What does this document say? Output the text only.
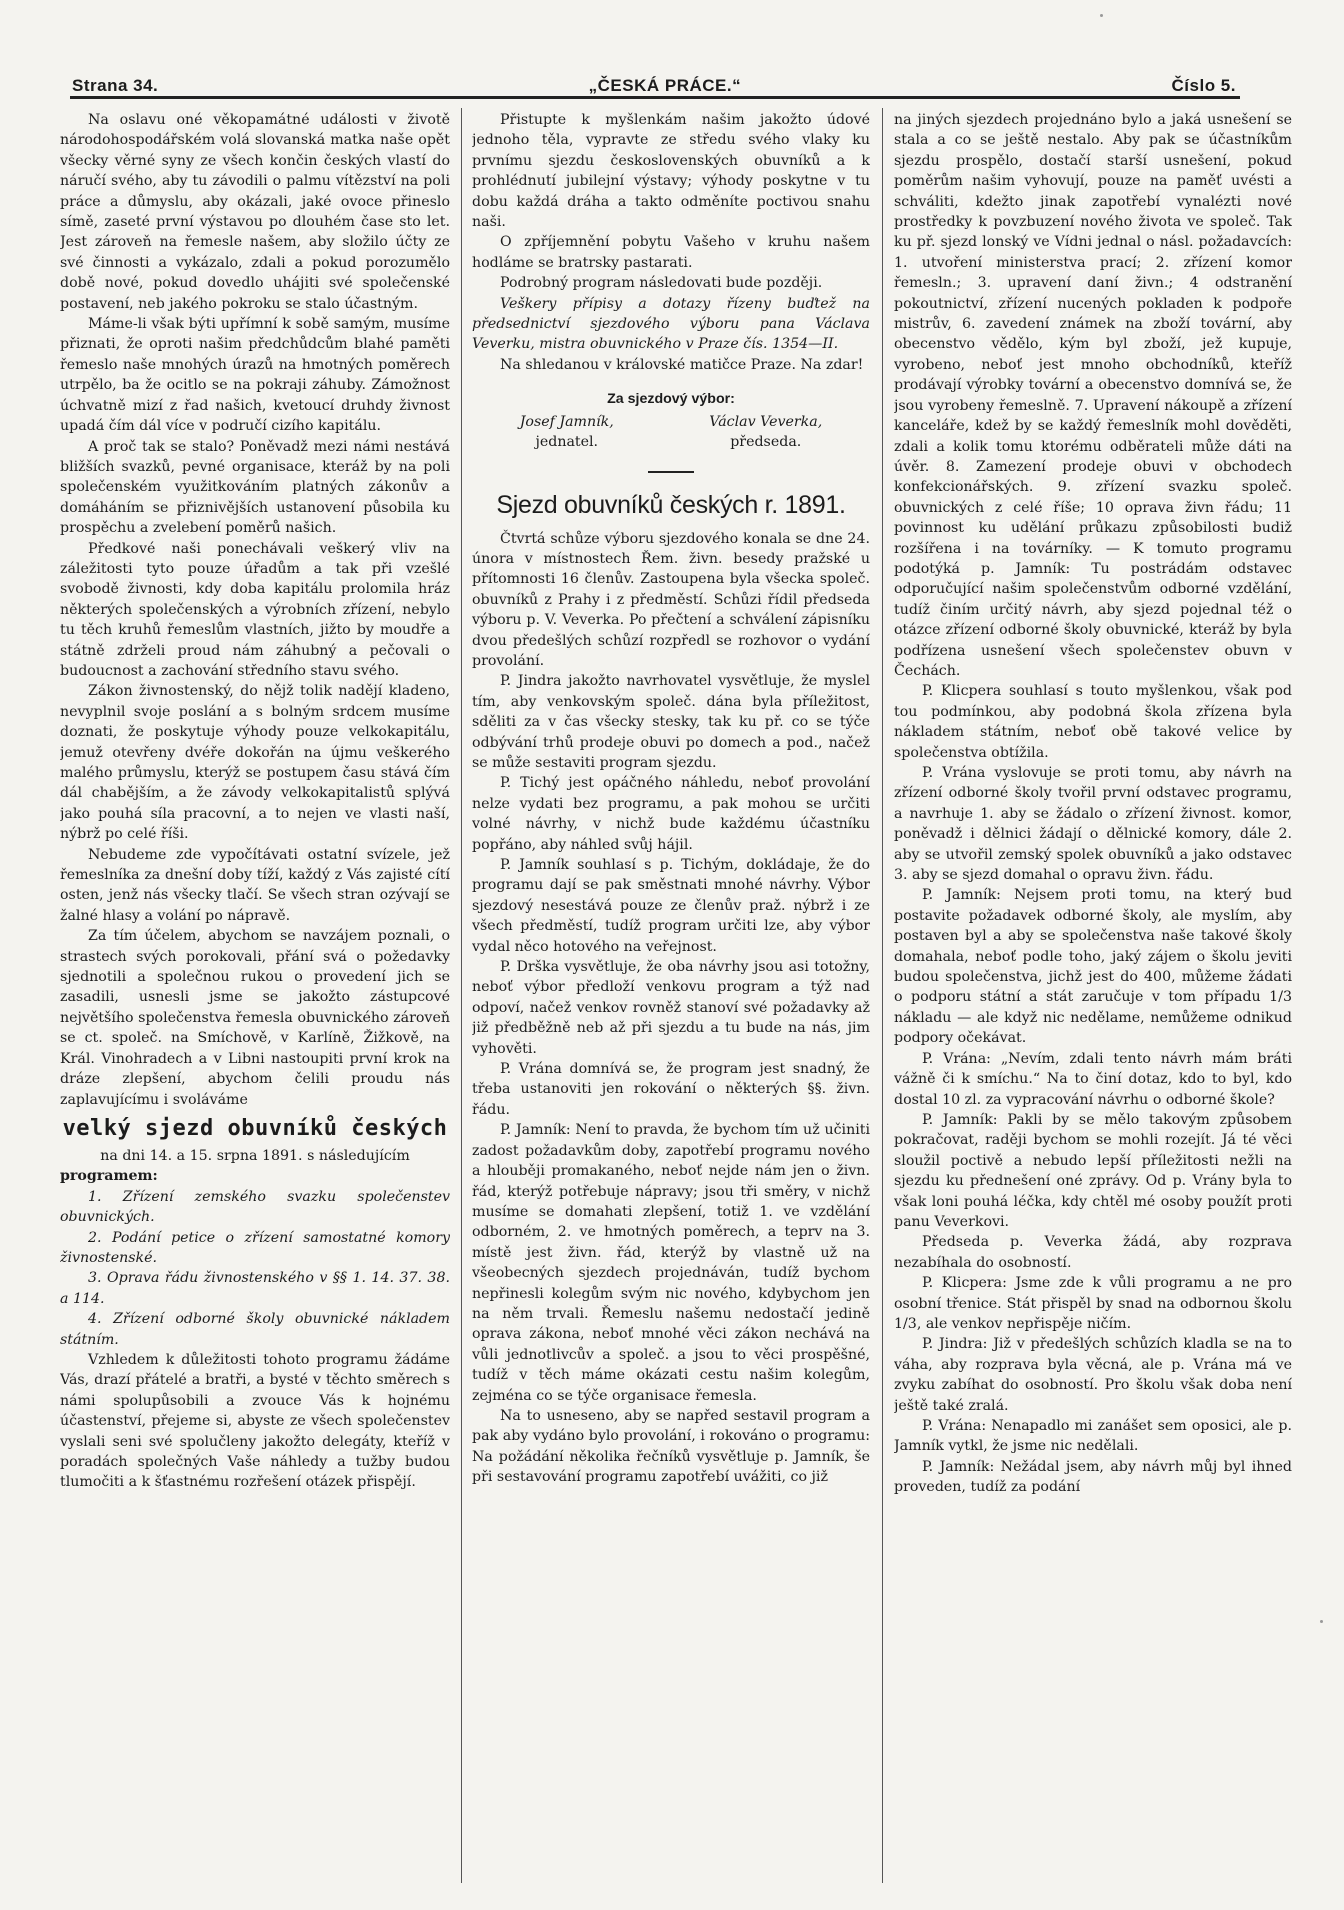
Strana 34.	„ČESKÁ PRÁCE.“	Číslo 5.

Na oslavu oné věkopamátné události v životě národohospodářském volá slovanská matka naše opět všecky věrné syny ze všech končin českých vlastí do náručí svého, aby tu závodili o palmu vítězství na poli práce a důmyslu, aby okázali, jaké ovoce přineslo símě, zaseté první výstavou po dlouhém čase sto let. Jest zároveň na řemesle našem, aby složilo účty ze své činnosti a vykázalo, zdali a pokud porozumělo době nové, pokud dovedlo uhájiti své společenské postavení, neb jakého pokroku se stalo účastným.

Máme-li však býti upřímní k sobě samým, musíme přiznati, že oproti našim předchůdcům blahé paměti řemeslo naše mnohých úrazů na hmotných poměrech utrpělo, ba že ocitlo se na pokraji záhuby. Zámožnost úchvatně mizí z řad našich, kvetoucí druhdy živnost upadá čím dál více v područí cizího kapitálu.

A proč tak se stalo? Poněvadž mezi námi nestává bližších svazků, pevné organisace, kteráž by na poli společenském využitkováním platných zákonův a domáháním se přiznivějších ustanovení působila ku prospěchu a zvelebení poměrů našich.

Předkové naši ponechávali veškerý vliv na záležitosti tyto pouze úřadům a tak při vzešlé svobodě živnosti, kdy doba kapitálu prolomila hráz některých společenských a výrobních zřízení, nebylo tu těch kruhů řemeslům vlastních, jižto by moudře a státně zdrželi proud nám záhubný a pečovali o budoucnost a zachování středního stavu svého.

Zákon živnostenský, do nějž tolik nadějí kladeno, nevyplnil svoje poslání a s bolným srdcem musíme doznati, že poskytuje výhody pouze velkokapitálu, jemuž otevřeny dvéře dokořán na újmu veškerého malého průmyslu, kterýž se postupem času stává čím dál chabějším, a že závody velkokapitalistů splývá jako pouhá síla pracovní, a to nejen ve vlasti naší, nýbrž po celé říši.

Nebudeme zde vypočítávati ostatní svízele, jež řemeslníka za dnešní doby tíží, každý z Vás zajisté cítí osten, jenž nás všecky tlačí. Se všech stran ozývají se žalné hlasy a volání po nápravě.

Za tím účelem, abychom se navzájem poznali, o strastech svých porokovali, přání svá o požedavky sjednotili a společnou rukou o provedení jich se zasadili, usnesli jsme se jakožto zástupcové největšího společenstva řemesla obuvnického zároveň se ct. společ. na Smíchově, v Karlíně, Žižkově, na Král. Vinohradech a v Libni nastoupiti první krok na dráze zlepšení, abychom čelili proudu nás zaplavujícímu i svoláváme

velký sjezd obuvníků českých

na dni 14. a 15. srpna 1891. s následujícím

programem:

1. Zřízení zemského svazku společenstev obuvnických.

2. Podání petice o zřízení samostatné komory živnostenské.

3. Oprava řádu živnostenského v §§ 1. 14. 37. 38. a 114.

4. Zřízení odborné školy obuvnické nákladem státním.

Vzhledem k důležitosti tohoto programu žádáme Vás, drazí přátelé a bratři, a bysté v těchto směrech s námi spolupůsobili a zvouce Vás k hojnému účastenství, přejeme si, abyste ze všech společenstev vyslali seni své spolučleny jakožto delegáty, kteříž v poradách společných Vaše náhledy a tužby budou tlumočiti a k šťastnému rozřešení otázek přispějí.

Přistupte k myšlenkám našim jakožto údové jednoho těla, vypravte ze středu svého vlaky ku prvnímu sjezdu československých obuvníků a k prohlédnutí jubilejní výstavy; výhody poskytne v tu dobu každá dráha a takto odměníte poctivou snahu naši.

O zpříjemnění pobytu Vašeho v kruhu našem hodláme se bratrsky pastarati.

Podrobný program následovati bude později.

Veškery přípisy a dotazy řízeny buďtež na předsednictví sjezdového výboru pana Václava Veverku, mistra obuvnického v Praze čís. 1354—II.

Na shledanou v královské matičce Praze. Na zdar!

Za sjezdový výbor:
Josef Jamník,
jednatel.
Václav Veverka,
předseda.
Sjezd obuvníků českých r. 1891.

Čtvrtá schůze výboru sjezdového konala se dne 24. února v místnostech Řem. živn. besedy pražské u přítomnosti 16 členův. Zastoupena byla všecka společ. obuvníků z Prahy i z předměstí. Schůzi řídil předseda výboru p. V. Veverka. Po přečtení a schválení zápisníku dvou předešlých schůzí rozpředl se rozhovor o vydání provolání.

P. Jindra jakožto navrhovatel vysvětluje, že myslel tím, aby venkovským společ. dána byla příležitost, sděliti za v čas všecky stesky, tak ku př. co se týče odbývání trhů prodeje obuvi po domech a pod., načež se může sestaviti program sjezdu.

P. Tichý jest opáčného náhledu, neboť provolání nelze vydati bez programu, a pak mohou se určiti volné návrhy, v nichž bude každému účastníku popřáno, aby náhled svůj hájil.

P. Jamník souhlasí s p. Tichým, dokládaje, že do programu dají se pak směstnati mnohé návrhy. Výbor sjezdový nesestává pouze ze členův praž. nýbrž i ze všech předměstí, tudíž program určiti lze, aby výbor vydal něco hotového na veřejnost.

P. Drška vysvětluje, že oba návrhy jsou asi totožny, neboť výbor předloží venkovu program a týž nad odpoví, načež venkov rovněž stanoví své požadavky až již předběžně neb až při sjezdu a tu bude na nás, jim vyhověti.

P. Vrána domnívá se, že program jest snadný, že třeba ustanoviti jen rokování o některých §§. živn. řádu.

P. Jamník: Není to pravda, že bychom tím už učiniti zadost požadavkům doby, zapotřebí programu nového a hlouběji promakaného, neboť nejde nám jen o živn. řád, kterýž potřebuje nápravy; jsou tři směry, v nichž musíme se domahati zlepšení, totiž 1. ve vzdělání odborném, 2. ve hmotných poměrech, a teprv na 3. místě jest živn. řád, kterýž by vlastně už na všeobecných sjezdech projednáván, tudíž bychom nepřinesli kolegům svým nic nového, kdybychom jen na něm trvali. Řemeslu našemu nedostačí jedině oprava zákona, neboť mnohé věci zákon nechává na vůli jednotlivcův a společ. a jsou to věci prospěšné, tudíž v těch máme okázati cestu našim kolegům, zejména co se týče organisace řemesla.

Na to usneseno, aby se napřed sestavil program a pak aby vydáno bylo provolání, i rokováno o programu: Na požádání několika řečníků vysvětluje p. Jamník, še při sestavování programu zapotřebí uvážiti, co již

na jiných sjezdech projednáno bylo a jaká usnešení se stala a co se ještě nestalo. Aby pak se účastníkům sjezdu prospělo, dostačí starší usnešení, pokud poměrům našim vyhovují, pouze na paměť uvésti a schváliti, kdežto jinak zapotřebí vynalézti nové prostředky k povzbuzení nového života ve společ. Tak ku př. sjezd lonský ve Vídni jednal o násl. požadavcích: 1. utvoření ministerstva prací; 2. zřízení komor řemesln.; 3. upravení daní živn.; 4 odstranění pokoutnictví, zřízení nucených pokladen k podpoře mistrův, 6. zavedení známek na zboží tovární, aby obecenstvo vědělo, kým byl zboží, jež kupuje, vyrobeno, neboť jest mnoho obchodníků, kteříž prodávají výrobky tovární a obecenstvo domnívá se, že jsou vyrobeny řemeslně. 7. Upravení nákoupě a zřízení kanceláře, kdež by se každý řemeslník mohl dověděti, zdali a kolik tomu ktorému odběrateli může dáti na úvěr. 8. Zamezení prodeje obuvi v obchodech konfekcionářských. 9. zřízení svazku společ. obuvnických z celé říše; 10 oprava živn řádu; 11 povinnost ku udělání průkazu způsobilosti budiž rozšířena i na továrníky. — K tomuto programu podotýká p. Jamník: Tu postrádám odstavec odporučující našim společenstvům odborné vzdělání, tudíž činím určitý návrh, aby sjezd pojednal též o otázce zřízení odborné školy obuvnické, kteráž by byla podřízena usnešení všech společenstev obuvn v Čechách.

P. Klicpera souhlasí s touto myšlenkou, však pod tou podmínkou, aby podobná škola zřízena byla nákladem státním, neboť obě takové velice by společenstva obtížila.

P. Vrána vyslovuje se proti tomu, aby návrh na zřízení odborné školy tvořil první odstavec programu, a navrhuje 1. aby se žádalo o zřízení živnost. komor, poněvadž i dělnici žádají o dělnické komory, dále 2. aby se utvořil zemský spolek obuvníků a jako odstavec 3. aby se sjezd domahal o opravu živn. řádu.

P. Jamník: Nejsem proti tomu, na který bud postavite požadavek odborné školy, ale myslím, aby postaven byl a aby se společenstva naše takové školy domahala, neboť podle toho, jaký zájem o školu jeviti budou společenstva, jichž jest do 400, můžeme žádati o podporu státní a stát zaručuje v tom případu 1/3 nákladu — ale když nic nedělame, nemůžeme odnikud podpory očekávat.

P. Vrána: „Nevím, zdali tento návrh mám bráti vážně či k smíchu.“ Na to činí dotaz, kdo to byl, kdo dostal 10 zl. za vypracování návrhu o odborné škole?

P. Jamník: Pakli by se mělo takovým způsobem pokračovat, raději bychom se mohli rozejít. Já té věci sloužil poctivě a nebudo lepší příležitosti nežli na sjezdu ku přednešení oné zprávy. Od p. Vrány byla to však loni pouhá léčka, kdy chtěl mé osoby použít proti panu Veverkovi.

Předseda p. Veverka žádá, aby rozprava nezabíhala do osobností.

P. Klicpera: Jsme zde k vůli programu a ne pro osobní třenice. Stát přispěl by snad na odbornou školu 1/3, ale venkov nepřispěje ničím.

P. Jindra: Již v předešlých schůzích kladla se na to váha, aby rozprava byla věcná, ale p. Vrána má ve zvyku zabíhat do osobností. Pro školu však doba není ještě také zralá.

P. Vrána: Nenapadlo mi zanášet sem oposici, ale p. Jamník vytkl, že jsme nic nedělali.

P. Jamník: Nežádal jsem, aby návrh můj byl ihned proveden, tudíž za podání
